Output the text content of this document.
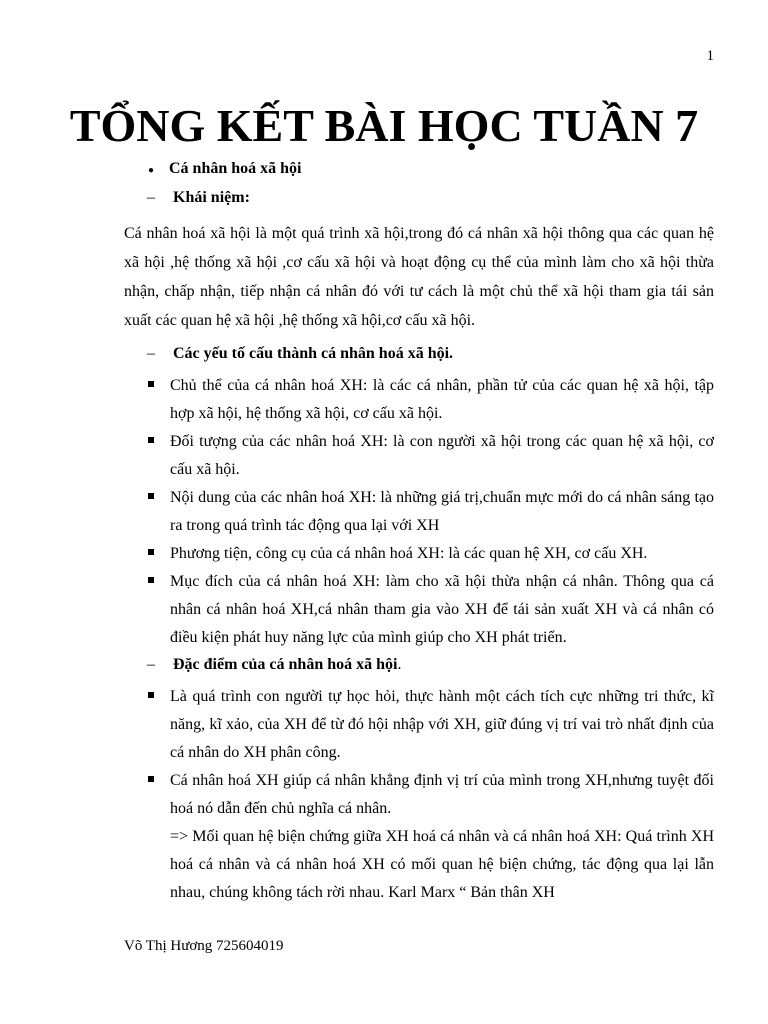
1
TỔNG KẾT BÀI HỌC TUẦN 7
● Cá nhân hoá xã hội
– Khái niệm:

Cá nhân hoá xã hội là một quá trình xã hội,trong đó cá nhân xã hội thông qua các quan hệ xã hội ,hệ thống xã hội ,cơ cấu xã hội và hoạt động cụ thể của mình làm cho xã hội thừa nhận, chấp nhận, tiếp nhận cá nhân đó với tư cách là một chủ thể xã hội tham gia tái sản xuất các quan hệ xã hội ,hệ thống xã hội,cơ cấu xã hội.

– Các yếu tố cấu thành cá nhân hoá xã hội.

Chủ thể của cá nhân hoá XH: là các cá nhân, phần tử của các quan hệ xã hội, tập hợp xã hội, hệ thống xã hội, cơ cấu xã hội.

Đối tượng của các nhân hoá XH: là con người xã hội trong các quan hệ xã hội, cơ cấu xã hội.

Nội dung của các nhân hoá XH: là những giá trị,chuẩn mực mới do cá nhân sáng tạo ra trong quá trình tác động qua lại với XH

Phương tiện, công cụ của cá nhân hoá XH: là các quan hệ XH, cơ cấu XH.

Mục đích của cá nhân hoá XH: làm cho xã hội thừa nhận cá nhân. Thông qua cá nhân cá nhân hoá XH,cá nhân tham gia vào XH để tái sản xuất XH và cá nhân có điều kiện phát huy năng lực của mình giúp cho XH phát triển.

– Đặc điểm của cá nhân hoá xã hội.

Là quá trình con người tự học hỏi, thực hành một cách tích cực những tri thức, kĩ năng, kĩ xảo, của XH để từ đó hội nhập với XH, giữ đúng vị trí vai trò nhất định của cá nhân do XH phân công.

Cá nhân hoá XH giúp cá nhân khẳng định vị trí của mình trong XH,nhưng tuyệt đối hoá nó dẫn đến chủ nghĩa cá nhân.

=> Mối quan hệ biện chứng giữa XH hoá cá nhân và cá nhân hoá XH: Quá trình XH hoá cá nhân và cá nhân hoá XH có mối quan hệ biện chứng, tác động qua lại lẫn nhau, chúng không tách rời nhau. Karl Marx “ Bản thân XH

Võ Thị Hương 725604019
